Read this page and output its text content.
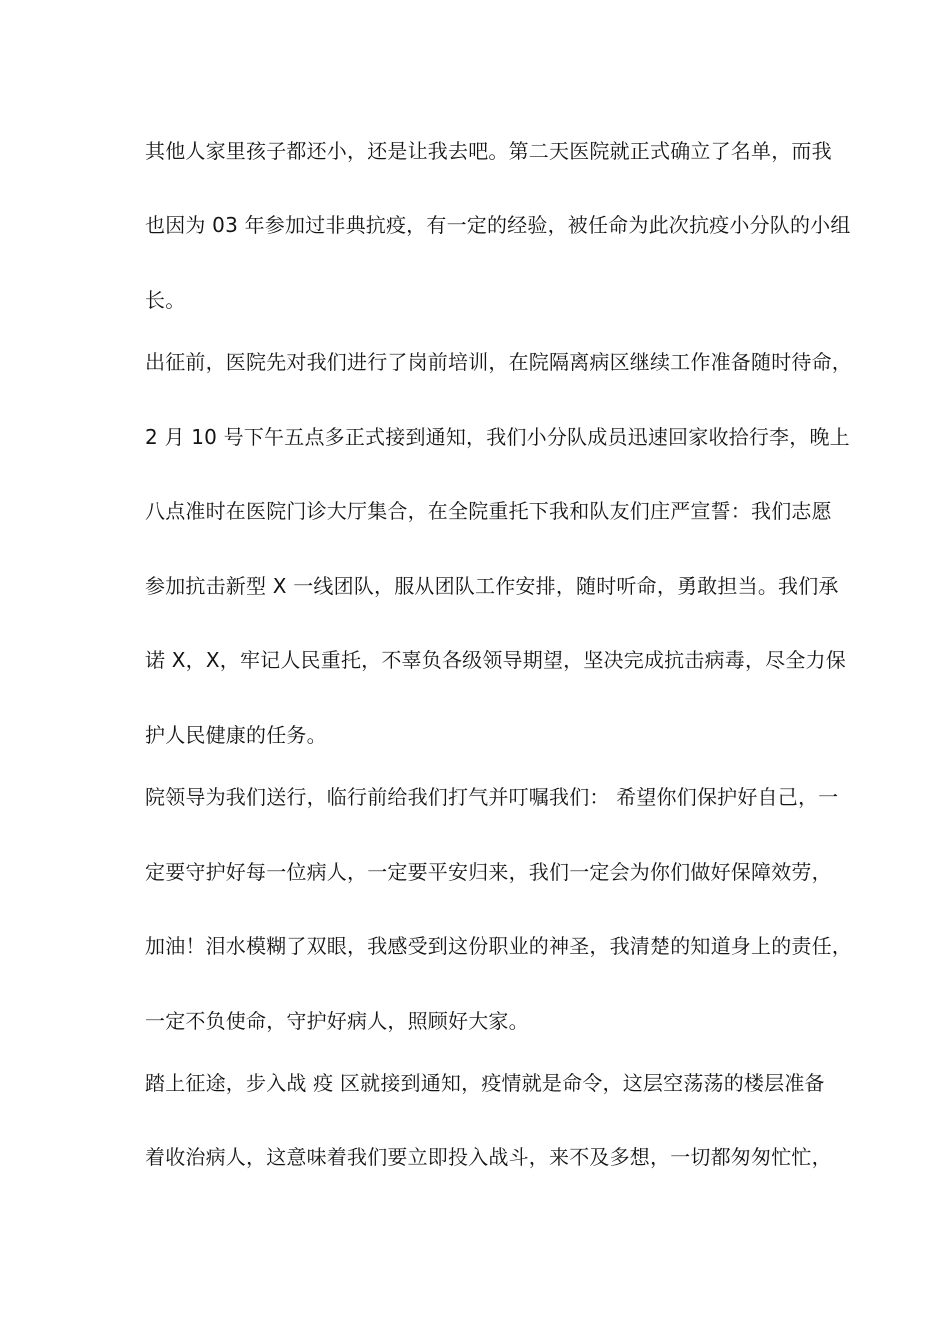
其他人家里孩子都还小，还是让我去吧。第二天医院就正式确立了名单，而我
也因为 03 年参加过非典抗疫，有一定的经验，被任命为此次抗疫小分队的小组
长。
出征前，医院先对我们进行了岗前培训，在院隔离病区继续工作准备随时待命，
2 月 10 号下午五点多正式接到通知，我们小分队成员迅速回家收拾行李，晚上
八点准时在医院门诊大厅集合，在全院重托下我和队友们庄严宣誓：我们志愿
参加抗击新型 X 一线团队，服从团队工作安排，随时听命，勇敢担当。我们承
诺 X，X，牢记人民重托，不辜负各级领导期望，坚决完成抗击病毒，尽全力保
护人民健康的任务。
院领导为我们送行，临行前给我们打气并叮嘱我们： 希望你们保护好自己，一
定要守护好每一位病人，一定要平安归来，我们一定会为你们做好保障效劳，
加油！泪水模糊了双眼，我感受到这份职业的神圣，我清楚的知道身上的责任，
一定不负使命，守护好病人，照顾好大家。
踏上征途，步入战 疫 区就接到通知，疫情就是命令，这层空荡荡的楼层准备
着收治病人，这意味着我们要立即投入战斗，来不及多想，一切都匆匆忙忙，
